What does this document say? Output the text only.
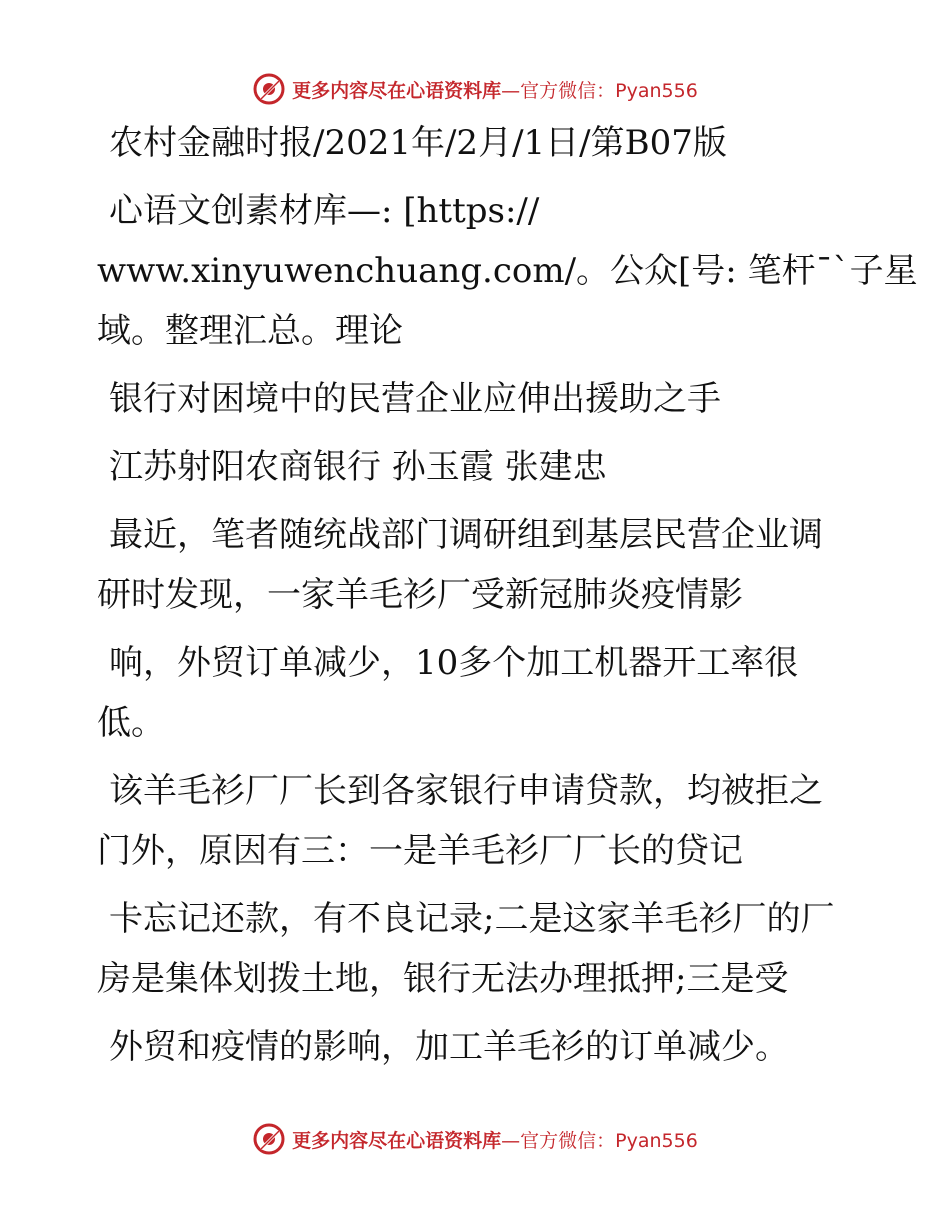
更多内容尽在心语资料库—官方微信：Pyan556
农村金融时报/2021年/2月/1日/第B07版
心语文创素材库—: [https://
www.xinyuwenchuang.com/。公众[号: 笔杆¯`子星
域。整理汇总。理论
银行对困境中的民营企业应伸出援助之手
江苏射阳农商银行 孙玉霞 张建忠
最近，笔者随统战部门调研组到基层民营企业调
研时发现，一家羊毛衫厂受新冠肺炎疫情影
响，外贸订单减少，10多个加工机器开工率很
低。
该羊毛衫厂厂长到各家银行申请贷款，均被拒之
门外，原因有三：一是羊毛衫厂厂长的贷记
卡忘记还款，有不良记录;二是这家羊毛衫厂的厂
房是集体划拨土地，银行无法办理抵押;三是受
外贸和疫情的影响，加工羊毛衫的订单减少。
更多内容尽在心语资料库—官方微信：Pyan556
